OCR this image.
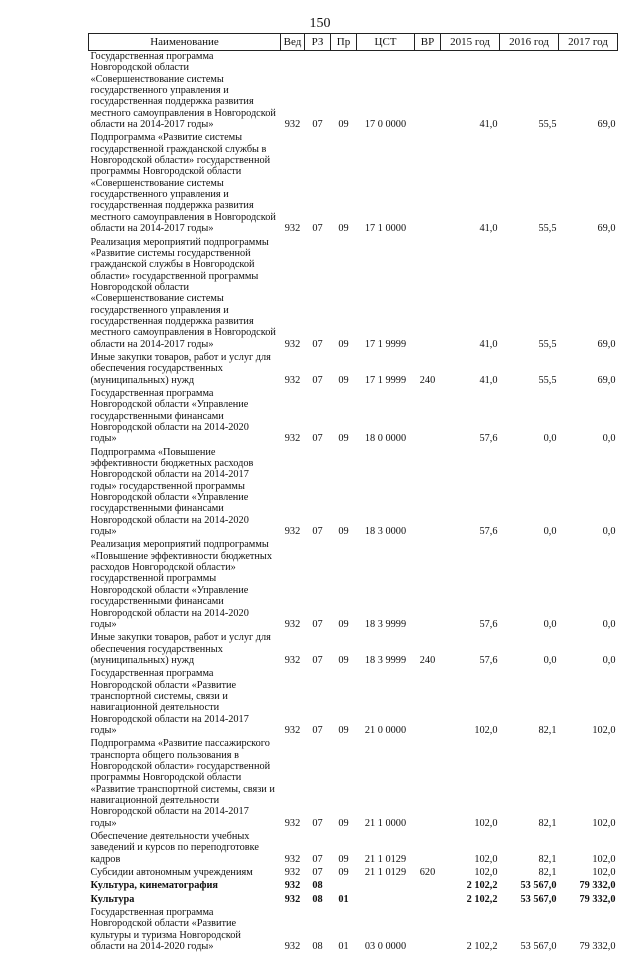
150
Наименование	Вед	РЗ	Пр	ЦСТ	ВР	2015 год	2016 год	2017 год
Государственная программа Новгородской области «Совершенствование системы государственного управления и государственная поддержка развития местного самоуправления в Новгородской области на 2014-2017 годы»	932	07	09	17 0 0000		41,0	55,5	69,0
Подпрограмма «Развитие системы государственной гражданской службы в Новгородской области» государственной программы Новгородской области «Совершенствование системы государственного управления и государственная поддержка развития местного самоуправления в Новгородской области на 2014-2017 годы»	932	07	09	17 1 0000		41,0	55,5	69,0
Реализация мероприятий подпрограммы «Развитие системы государственной гражданской службы в Новгородской области» государственной программы Новгородской области «Совершенствование системы государственного управления и государственная поддержка развития местного самоуправления в Новгородской области на 2014-2017 годы»	932	07	09	17 1 9999		41,0	55,5	69,0
Иные закупки товаров, работ и услуг для обеспечения государственных (муниципальных) нужд	932	07	09	17 1 9999	240	41,0	55,5	69,0
Государственная программа Новгородской области «Управление государственными финансами Новгородской области на 2014-2020 годы»	932	07	09	18 0 0000		57,6	0,0	0,0
Подпрограмма «Повышение эффективности бюджетных расходов Новгородской области на 2014-2017 годы» государственной программы Новгородской области «Управление государственными финансами Новгородской области на 2014-2020 годы»	932	07	09	18 3 0000		57,6	0,0	0,0
Реализация мероприятий подпрограммы «Повышение эффективности бюджетных расходов Новгородской области» государственной программы Новгородской области «Управление государственными финансами Новгородской области на 2014-2020 годы»	932	07	09	18 3 9999		57,6	0,0	0,0
Иные закупки товаров, работ и услуг для обеспечения государственных (муниципальных) нужд	932	07	09	18 3 9999	240	57,6	0,0	0,0
Государственная программа Новгородской области «Развитие транспортной системы, связи и навигационной деятельности Новгородской области на 2014-2017 годы»	932	07	09	21 0 0000		102,0	82,1	102,0
Подпрограмма «Развитие пассажирского транспорта общего пользования в Новгородской области» государственной программы Новгородской области «Развитие транспортной системы, связи и навигационной деятельности Новгородской области на 2014-2017 годы»	932	07	09	21 1 0000		102,0	82,1	102,0
Обеспечение деятельности учебных заведений и курсов по переподготовке кадров	932	07	09	21 1 0129		102,0	82,1	102,0
Субсидии автономным учреждениям	932	07	09	21 1 0129	620	102,0	82,1	102,0
Культура, кинематография	932	08				2 102,2	53 567,0	79 332,0
Культура	932	08	01			2 102,2	53 567,0	79 332,0
Государственная программа Новгородской области «Развитие культуры и туризма Новгородской области на 2014-2020 годы»	932	08	01	03 0 0000		2 102,2	53 567,0	79 332,0
